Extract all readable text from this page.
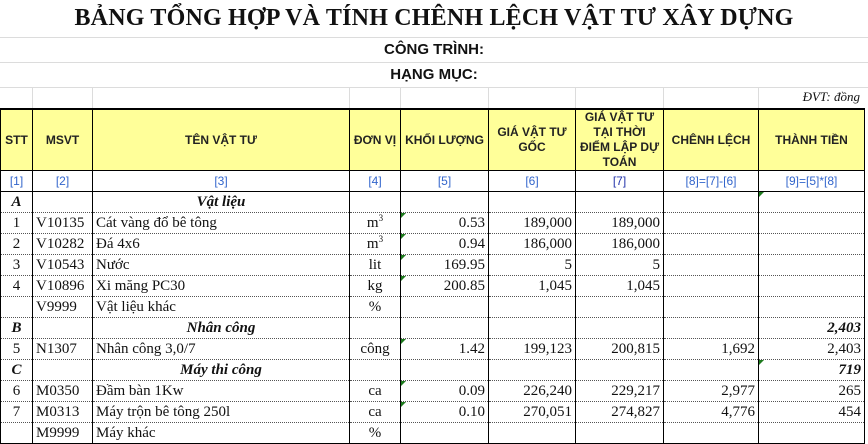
BẢNG TỔNG HỢP VÀ TÍNH CHÊNH LỆCH VẬT TƯ XÂY DỰNG
CÔNG TRÌNH:
HẠNG MỤC:
ĐVT: đồng
STT	MSVT	TÊN VẬT TƯ	ĐƠN VỊ	KHỐI LƯỢNG	GIÁ VẬT TƯ GỐC	GIÁ VẬT TƯ TẠI THỜI ĐIỂM LẬP DỰ TOÁN	CHÊNH LỆCH	THÀNH TIỀN
[1]	[2]	[3]	[4]	[5]	[6]	[7]	[8]=[7]-[6]	[9]=[5]*[8]
A		Vật liệu						
1	V10135	Cát vàng đổ bê tông	$m^3$	0.53	189,000	189,000		
2	V10282	Đá 4x6	$m^3$	0.94	186,000	186,000		
3	V10543	Nước	lit	169.95	5	5		
4	V10896	Xi măng PC30	kg	200.85	1,045	1,045		
	V9999	Vật liệu khác	%					
B		Nhân công						2,403
5	N1307	Nhân công 3,0/7	công	1.42	199,123	200,815	1,692	2,403
C		Máy thi công						719
6	M0350	Đầm bàn 1Kw	ca	0.09	226,240	229,217	2,977	265
7	M0313	Máy trộn bê tông 250l	ca	0.10	270,051	274,827	4,776	454
	M9999	Máy khác	%					
